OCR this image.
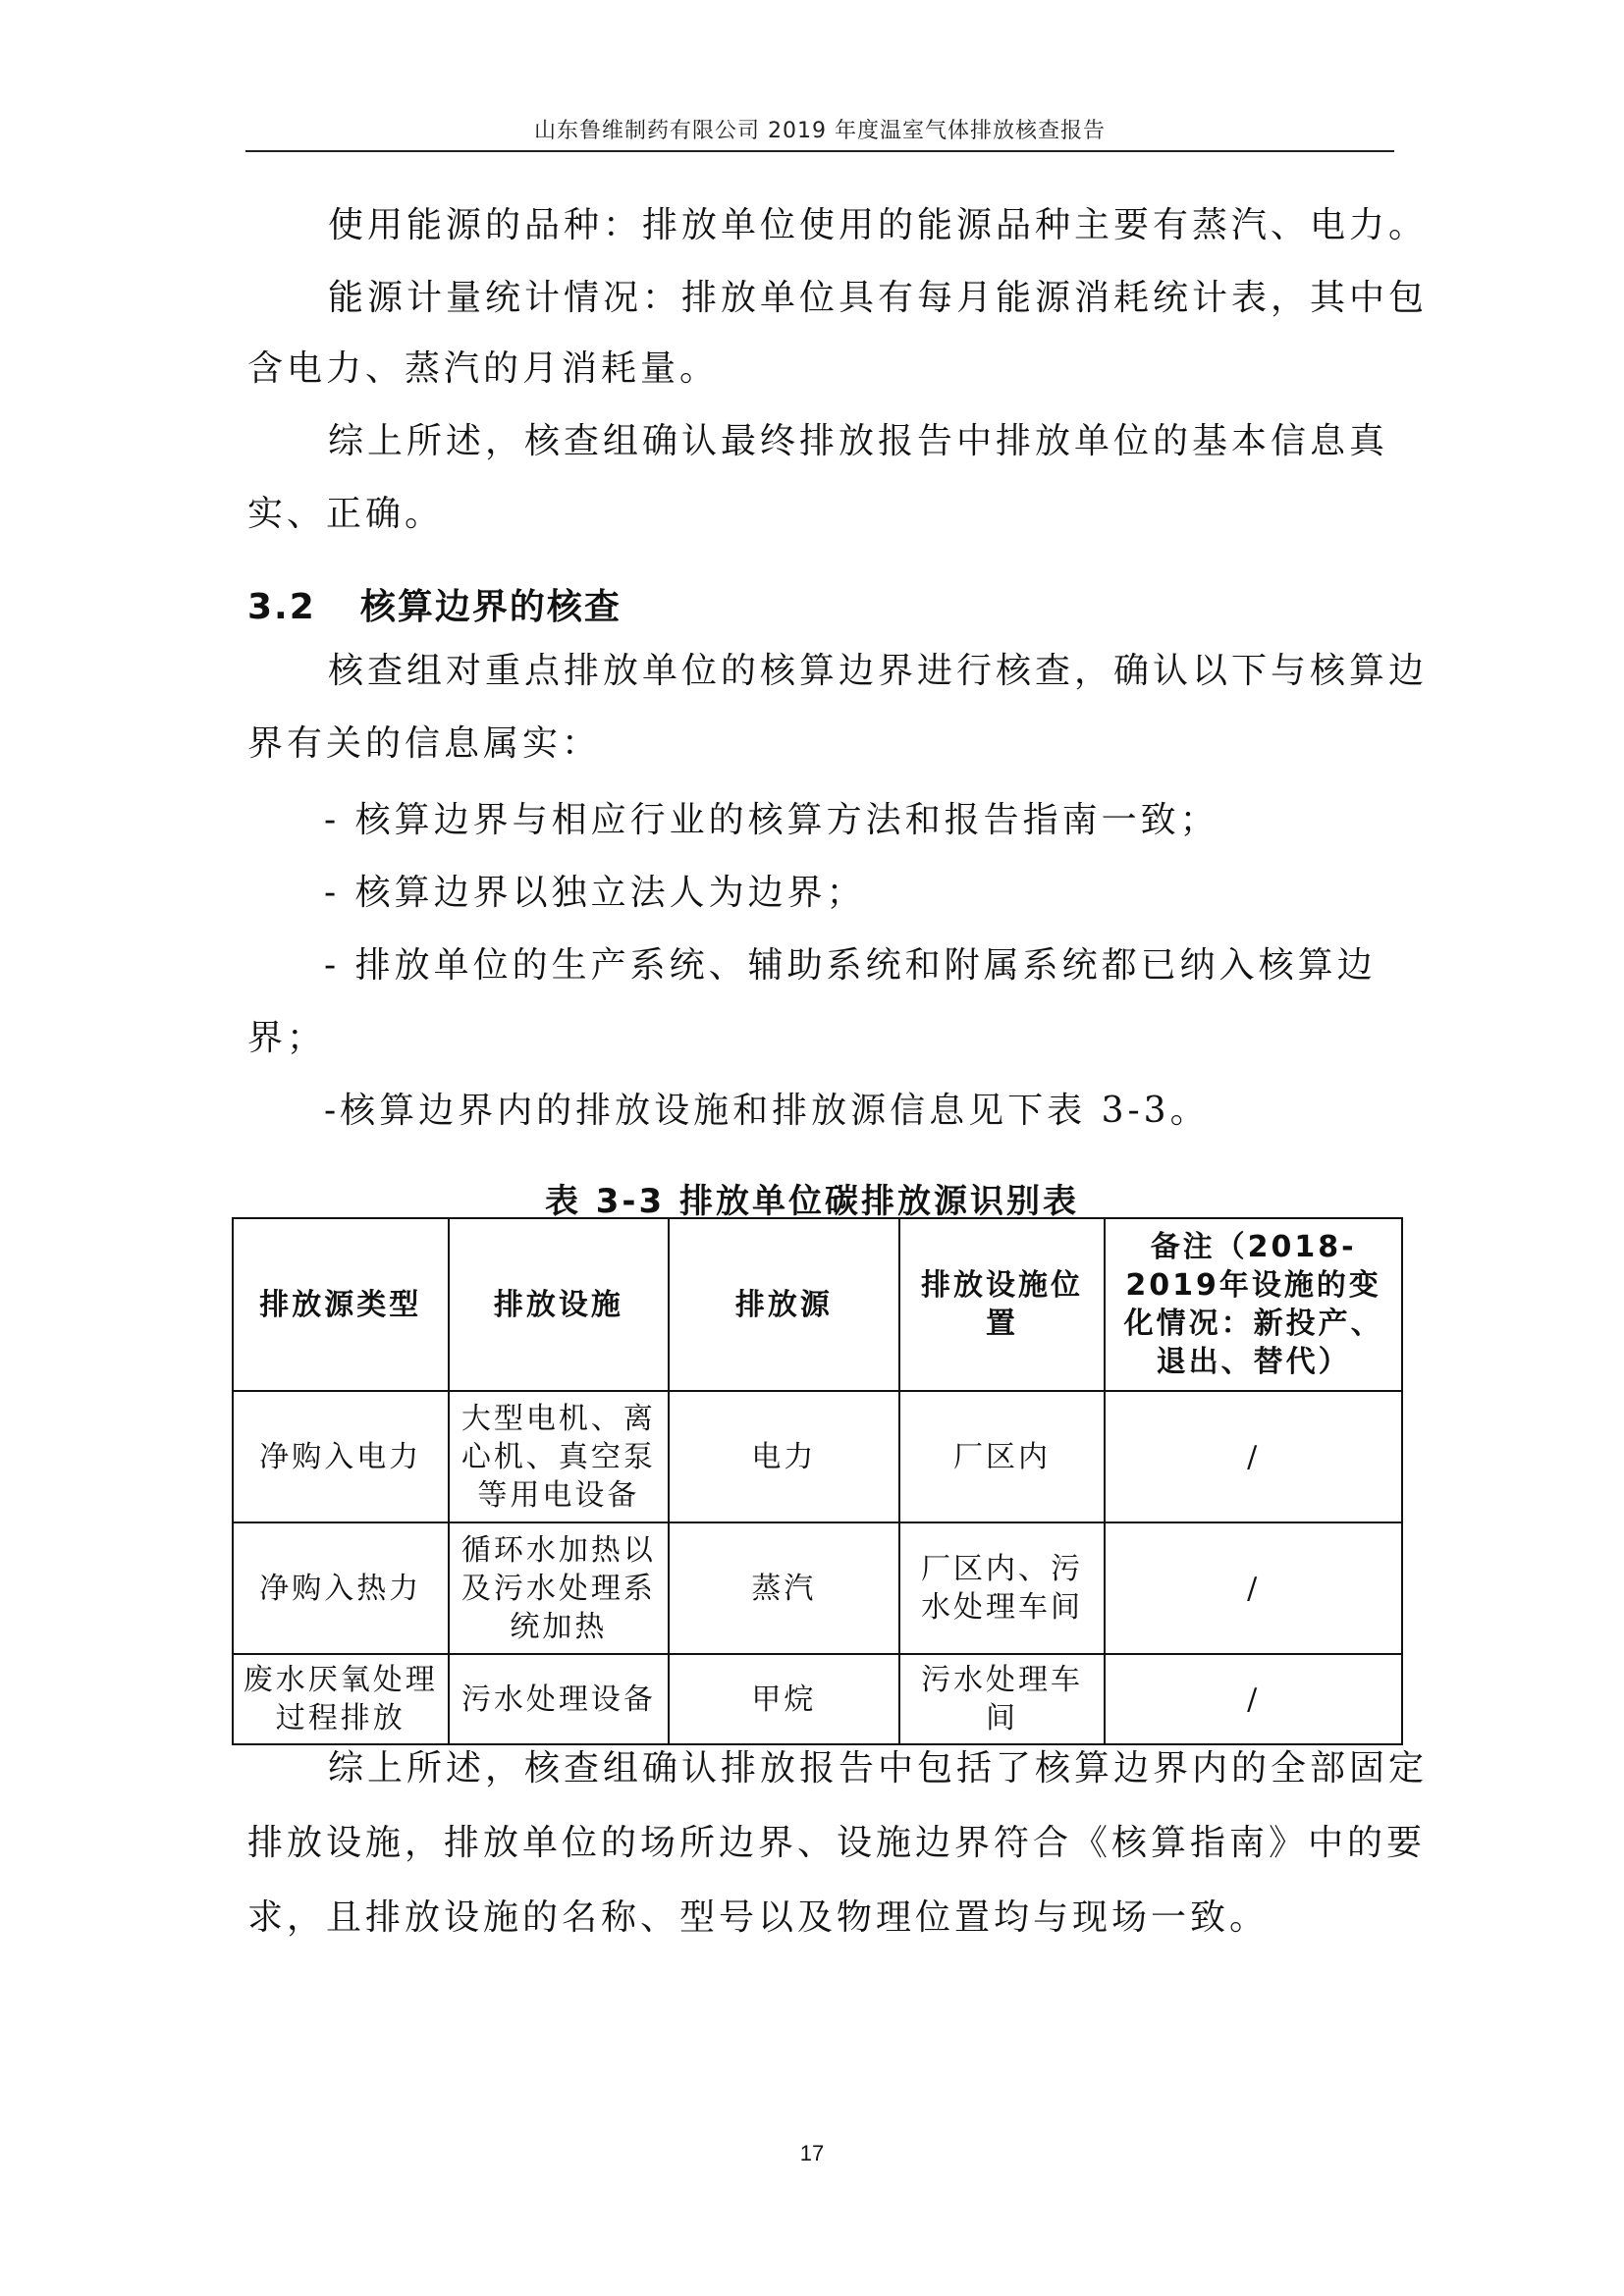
山东鲁维制药有限公司 2019 年度温室气体排放核查报告
使用能源的品种：排放单位使用的能源品种主要有蒸汽、电力。
能源计量统计情况：排放单位具有每月能源消耗统计表，其中包
含电力、蒸汽的月消耗量。
综上所述，核查组确认最终排放报告中排放单位的基本信息真
实、正确。
3.2 核算边界的核查
核查组对重点排放单位的核算边界进行核查，确认以下与核算边
界有关的信息属实：
- 核算边界与相应行业的核算方法和报告指南一致；
- 核算边界以独立法人为边界；
- 排放单位的生产系统、辅助系统和附属系统都已纳入核算边
界；
-核算边界内的排放设施和排放源信息见下表 3-3。
表 3-3 排放单位碳排放源识别表
排放源类型	排放设施	排放源	排放设施位置	备注（2018-2019年设施的变化情况：新投产、退出、替代）
净购入电力	大型电机、离心机、真空泵等用电设备	电力	厂区内	/
净购入热力	循环水加热以及污水处理系统加热	蒸汽	厂区内、污水处理车间	/
废水厌氧处理过程排放	污水处理设备	甲烷	污水处理车间	/
综上所述，核查组确认排放报告中包括了核算边界内的全部固定
排放设施，排放单位的场所边界、设施边界符合《核算指南》中的要
求，且排放设施的名称、型号以及物理位置均与现场一致。
17
